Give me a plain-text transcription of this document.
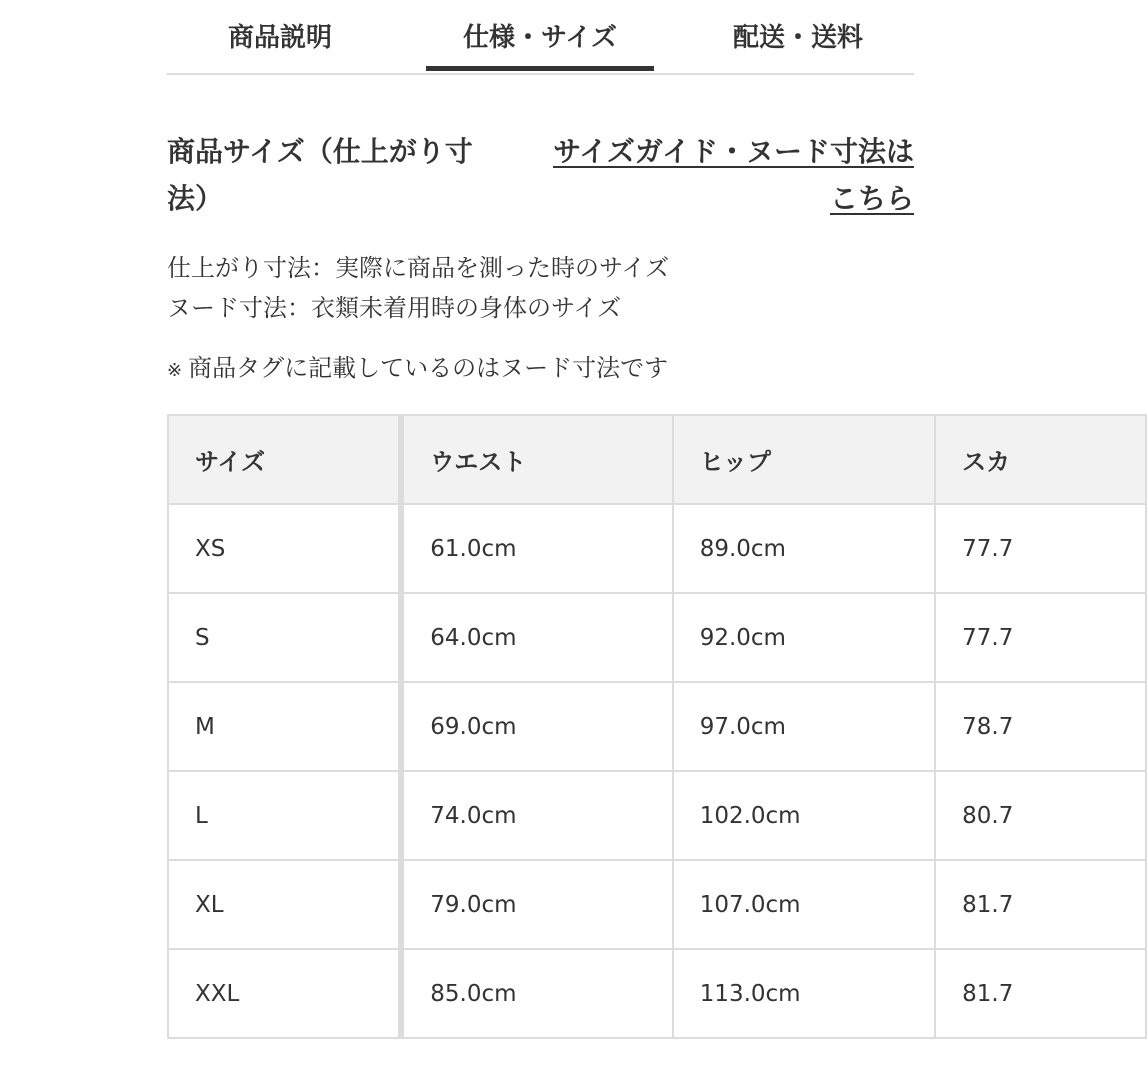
商品説明	仕様・サイズ	配送・送料
商品サイズ（仕上がり寸法）
サイズガイド・ヌード寸法はこちら
仕上がり寸法：実際に商品を測った時のサイズ
ヌード寸法：衣類未着用時の身体のサイズ
※ 商品タグに記載しているのはヌード寸法です
サイズ	ウエスト	ヒップ	スカ
XS	61.0cm	89.0cm	77.7
S	64.0cm	92.0cm	77.7
M	69.0cm	97.0cm	78.7
L	74.0cm	102.0cm	80.7
XL	79.0cm	107.0cm	81.7
XXL	85.0cm	113.0cm	81.7
